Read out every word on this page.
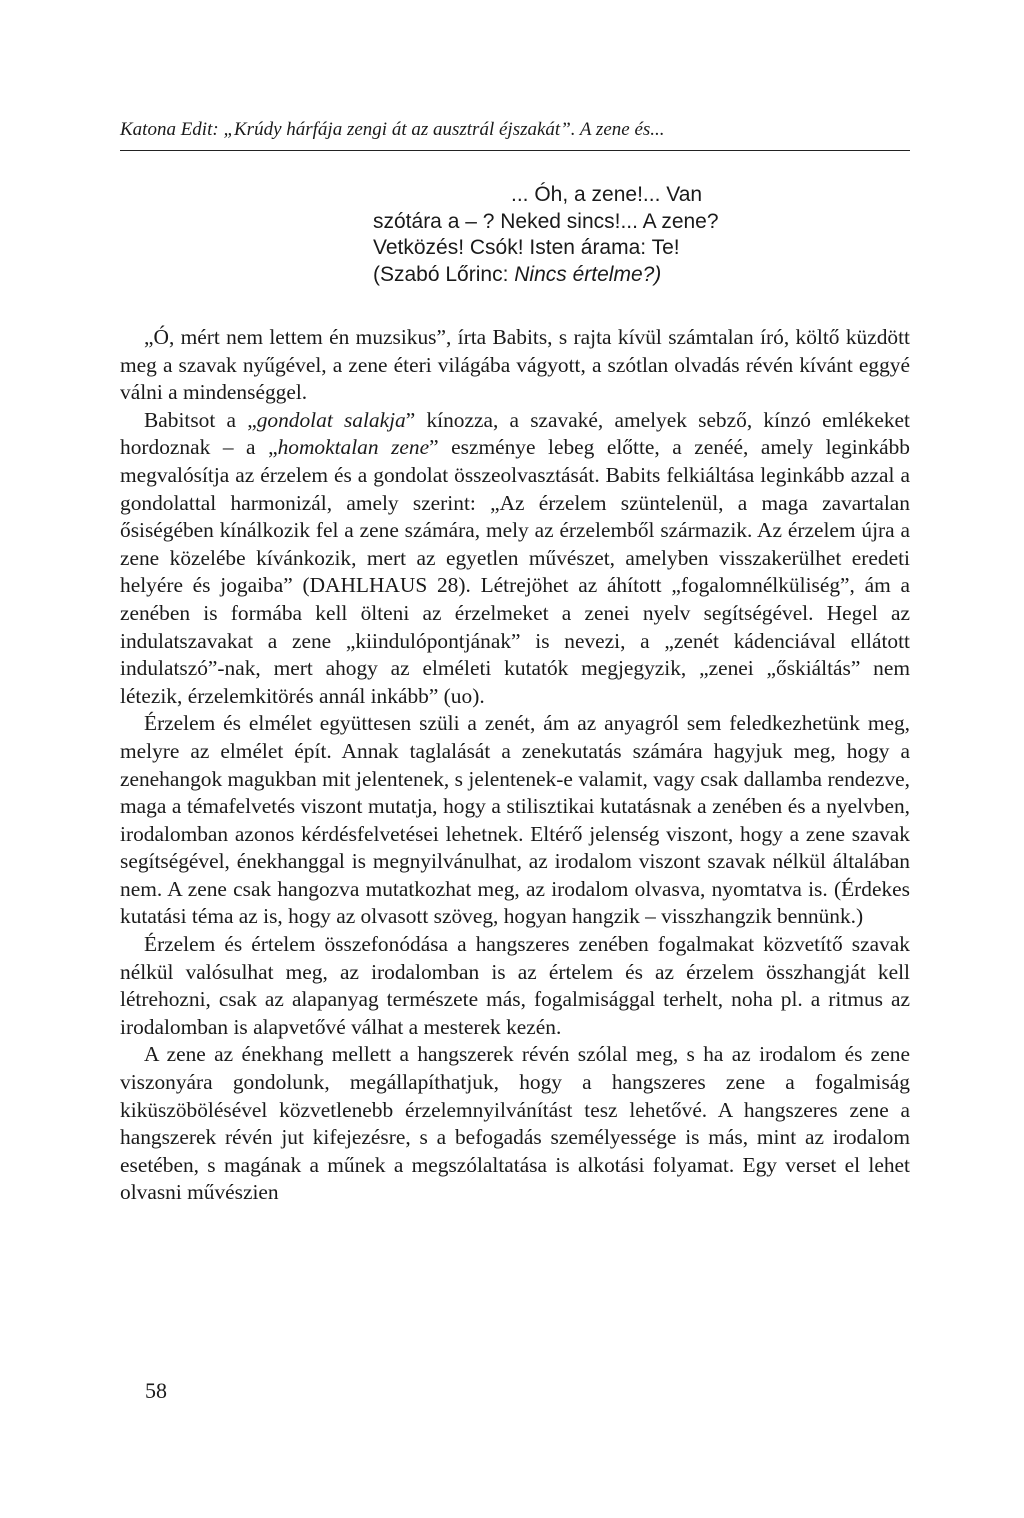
Katona Edit: „Krúdy hárfája zengi át az ausztrál éjszakát”. A zene és...
... Óh, a zene!... Van
szótára a – ? Neked sincs!... A zene?
Vetközés! Csók! Isten árama: Te!
(Szabó Lőrinc: Nincs értelme?)

„Ó, mért nem lettem én muzsikus”, írta Babits, s rajta kívül számtalan író, költő küzdött meg a szavak nyűgével, a zene éteri világába vágyott, a szótlan olvadás révén kívánt eggyé válni a mindenséggel.

Babitsot a „gondolat salakja” kínozza, a szavaké, amelyek sebző, kínzó emlékeket hordoznak – a „homoktalan zene” eszménye lebeg előtte, a zenéé, amely leginkább megvalósítja az érzelem és a gondolat összeolvasztását. Babits felkiáltása leginkább azzal a gondolattal harmonizál, amely szerint: „Az érzelem szüntelenül, a maga zavartalan ősiségében kínálkozik fel a zene számára, mely az érzelemből származik. Az érzelem újra a zene közelébe kívánkozik, mert az egyetlen művészet, amelyben visszakerülhet eredeti helyére és jogaiba” (DAHLHAUS 28). Létrejöhet az áhított „fogalomnélküliség”, ám a zenében is formába kell ölteni az érzelmeket a zenei nyelv segítségével. Hegel az indulatszavakat a zene „kiindulópontjának” is nevezi, a „zenét kádenciával ellátott indulatszó”-nak, mert ahogy az elméleti kutatók megjegyzik, „zenei „őskiáltás” nem létezik, érzelemkitörés annál inkább” (uo).

Érzelem és elmélet együttesen szüli a zenét, ám az anyagról sem feledkezhetünk meg, melyre az elmélet épít. Annak taglalását a zenekutatás számára hagyjuk meg, hogy a zenehangok magukban mit jelentenek, s jelentenek-e valamit, vagy csak dallamba rendezve, maga a témafelvetés viszont mutatja, hogy a stilisztikai kutatásnak a zenében és a nyelvben, irodalomban azonos kérdésfelvetései lehetnek. Eltérő jelenség viszont, hogy a zene szavak segítségével, énekhanggal is megnyilvánulhat, az irodalom viszont szavak nélkül általában nem. A zene csak hangozva mutatkozhat meg, az irodalom olvasva, nyomtatva is. (Érdekes kutatási téma az is, hogy az olvasott szöveg, hogyan hangzik – visszhangzik bennünk.)

Érzelem és értelem összefonódása a hangszeres zenében fogalmakat közvetítő szavak nélkül valósulhat meg, az irodalomban is az értelem és az érzelem összhangját kell létrehozni, csak az alapanyag természete más, fogalmisággal terhelt, noha pl. a ritmus az irodalomban is alapvetővé válhat a mesterek kezén.

A zene az énekhang mellett a hangszerek révén szólal meg, s ha az irodalom és zene viszonyára gondolunk, megállapíthatjuk, hogy a hangszeres zene a fogalmiság kiküszöbölésével közvetlenebb érzelemnyilvánítást tesz lehetővé. A hangszeres zene a hangszerek révén jut kifejezésre, s a befogadás személyessége is más, mint az irodalom esetében, s magának a műnek a megszólaltatása is alkotási folyamat. Egy verset el lehet olvasni művészien

58
